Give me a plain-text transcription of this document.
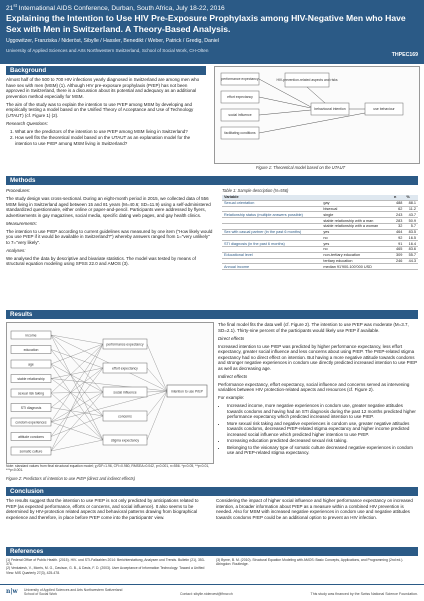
21st International AIDS Conference, Durban, South Africa, July 18-22, 2016
Explaining the Intention to Use HIV Pre-Exposure Prophylaxis among HIV-Negative Men who Have Sex with Men in Switzerland. A Theory-Based Analysis.
Uggowitzer, Franziska / Nideröst, Sibylle / Hassler, Benedikt / Weber, Patrick / Gredig, Daniel
University of Applied Sciences and Arts Northwestern Switzerland, School of Social Work, CH-Olten
THPEC169
Background

Almost half of the 500 to 700 HIV infections yearly diagnosed in Switzerland are among men who have sex with men (MSM) (1). Although HIV pre-exposure prophylaxis (PrEP) has not been approved in Switzerland, there is a discussion about its potential and adequacy as an additional prevention method especially for MSM.

The aim of the study was to explain the intention to use PrEP among MSM by developing and empirically testing a model based on the Unified Theory of Acceptance and Use of Technology (UTAUT) (cf. Figure 1) (2).

Research Questions:

1. What are the predictors of the intention to use PrEP among MSM living in Switzerland?
2. How well fits the theoretical model based on the UTAUT as an explanation model for the intention to use PrEP among MSM living in Switzerland?
performance expectancy
effort expectancy
social influence
facilitating conditions
HIV-prevention-related aspects and risks
behavioural intention	use behaviour
Figure 1: Theoretical model based on the UTAUT
Methods

Procedures:

The study design was cross-sectional. During an eight-month period in 2015, we collected data of 556 MSM living in Switzerland aged between 15 and 81 years (M=40.6; SD=11.9) using a self-administered standardized questionnaire, either online or paper-and-pencil. Participants were addressed by flyers, advertisements in gay magazines, social media, specific dating web pages, and gay health clinics.

Measurements:

The intention to use PrEP according to current guidelines was measured by one item ("How likely would you use PrEP if it would be available in Switzerland?") whereby answers ranged from 1="very unlikely" to 7="very likely".

Analyses:

We analysed the data by descriptive and bivariate statistics. The model was tested by means of structural equation modeling using SPSS 22.0 and AMOS (3).

Table 1: Sample description (N=556)
Variable		n	%
Sexual orientation	gay	488	88.1
	bisexual	62	11.2
Relationship status (multiple answers possible)	single	243	43.7
	stable relationship with a man	283	50.9
	stable relationship with a woman	32	5.7
Sex with casual partner (in the past 6 months)	yes	464	83.5
	no	92	16.5
STI diagnosis (in the past 6 months)	yes	91	16.4
	no	465	83.6
Educational level	non-tertiary education	309	55.7
	tertiary education	246	44.3
Annual income	median 91'900-100'000 USD		
Results
income
education
age
stable relationship
sexual risk taking
STI diagnosis
condom experiences
attitude condoms
somatic culture
performance expectancy
effort expectancy
social influence
concerns
stigma expectancy
intention to use PrEP
Note: standard values from final structural equation model; χ²/DF=1.96, CFI=0.980, RMSEA=0.042, p<0.001, n=556. *p<0.05, **p<0.01, ***p<0.001.
Figure 2: Predictors of intention to use PrEP (direct and indirect effects)

The final model fits the data well (cf. Figure 2). The intention to use PrEP was moderate (M=3.7, SD=2.1). Thirty-nine percent of the participants would likely use PrEP if available.

Direct effects

Increased intention to use PrEP was predicted by higher performance expectancy, less effort expectancy, greater social influence and less concerns about using PrEP. The PrEP-related stigma expectancy had no direct effect on intention. But having a more negative attitude towards condoms and stronger negative experiences in condom use directly predicted increased intention to use PrEP as well as decreasing age.

Indirect effects

Performance expectancy, effort expectancy, social influence and concerns served as intervening variables between HIV protection-related aspects and resources (cf. Figure 2).

For example:

• Increased income, more negative experiences in condom use, greater negative attitudes towards condoms and having had an STI diagnosis during the past 12 months predicted higher performance expectancy which predicted increased intention to use PrEP.
• More sexual risk taking and negative experiences in condom use, greater negative attitudes towards condoms, decreased PrEP-related stigma expectancy and higher income predicted increased social influence which predicted higher intention to use PrEP.
• Increasing education predicted decreased sexual risk taking.
• Belonging to the visionary type of somatic culture decreased negative experiences in condom use and PrEP-related stigma expectancy.
Conclusion
The results suggest that the intention to use PrEP is not only predicted by anticipations related to PrEP (as expected performance, efforts or concerns, and social influence). It also seems to be determined by HIV-protection related aspects and behavioral patterns drawing from biographical experience and therefore, in place before PrEP come into the participants' view.
Considering the impact of higher social influence and higher performance expectancy on increased intention, a broader information about PrEP as a measure within a combined HIV prevention is needed. Also for MSM with increased negative experiences in condom use and negative attitudes towards condoms PrEP could be an additional option to prevent an HIV infection.
References
(1) Federal Office of Public Health. (2015). HIV- und STI-Fallzahlen 2014: Berichterstattung, Analysen und Trends. Bulletin (21), 353-376.
(2) Venkatesh, V., Morris, M. G., Davison, G. B., & Davis, F. D. (2003). User Acceptance of Information Technology: Toward a Unified View. MIS Quarterly 27(3), 425-478.
(3) Byrne, B. M. (2010). Structural Equation Modeling with AMOS: Basic Concepts, Applications, and Programming (2nd ed.). Abingdon: Routledge.
n|w	University of Applied Sciences and Arts Northwestern Switzerland
School of Social Work	Contact: sibylle.nideroest@fhnw.ch	This study was financed by the Swiss National Science Foundation.
